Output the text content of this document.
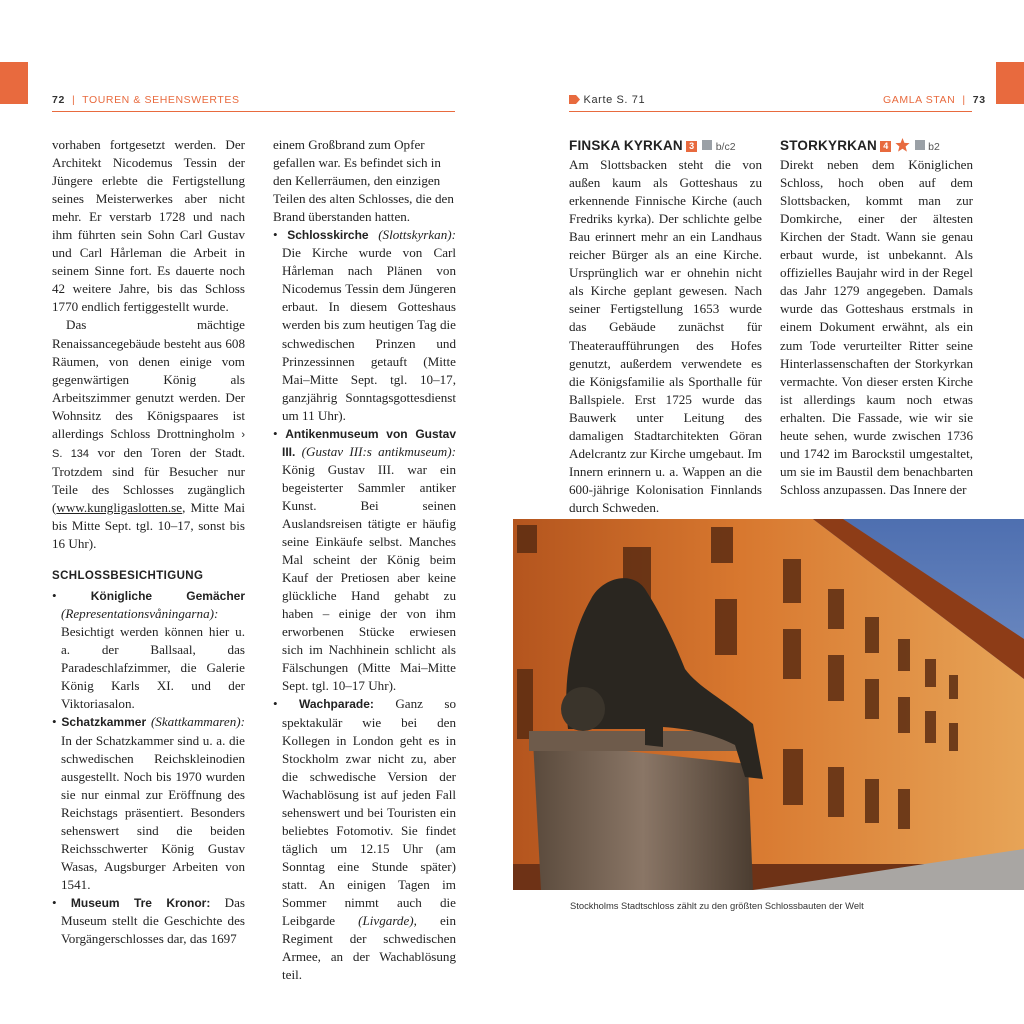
72  |  TOUREN & SEHENSWERTES	Karte S. 71	GAMLA STAN  |  73

vorhaben fortgesetzt werden. Der Architekt Nicodemus Tessin der Jüngere erlebte die Fertigstellung seines Meisterwerkes aber nicht mehr. Er verstarb 1728 und nach ihm führten sein Sohn Carl Gustav und Carl Hårleman die Arbeit in seinem Sinne fort. Es dauerte noch 42 weitere Jahre, bis das Schloss 1770 endlich fertiggestellt wurde.

Das mächtige Renaissancegebäude besteht aus 608 Räumen, von denen einige vom gegenwärtigen König als Arbeitszimmer genutzt werden. Der Wohnsitz des Königspaares ist allerdings Schloss Drottningholm › S. 134 vor den Toren der Stadt. Trotzdem sind für Besucher nur Teile des Schlosses zugänglich (www.kungligaslotten.se, Mitte Mai bis Mitte Sept. tgl. 10–17, sonst bis 16 Uhr).

SCHLOSSBESICHTIGUNG

• Königliche Gemächer (Representationsvåningarna): Besichtigt werden können hier u. a. der Ballsaal, das Paradeschlafzimmer, die Galerie König Karls XI. und der Viktoriasalon.

• Schatzkammer (Skattkammaren): In der Schatzkammer sind u. a. die schwedischen Reichskleinodien ausgestellt. Noch bis 1970 wurden sie nur einmal zur Eröffnung des Reichstags präsentiert. Besonders sehenswert sind die beiden Reichsschwerter König Gustav Wasas, Augsburger Arbeiten von 1541.

• Museum Tre Kronor: Das Museum stellt die Geschichte des Vorgängerschlosses dar, das 1697

einem Großbrand zum Opfer gefallen war. Es befindet sich in den Kellerräumen, den einzigen Teilen des alten Schlosses, die den Brand überstanden hatten.

• Schlosskirche (Slottskyrkan): Die Kirche wurde von Carl Hårleman nach Plänen von Nicodemus Tessin dem Jüngeren erbaut. In diesem Gotteshaus werden bis zum heutigen Tag die schwedischen Prinzen und Prinzessinnen getauft (Mitte Mai–Mitte Sept. tgl. 10–17, ganzjährig Sonntagsgottesdienst um 11 Uhr).

• Antikenmuseum von Gustav III. (Gustav III:s antikmuseum): König Gustav III. war ein begeisterter Sammler antiker Kunst. Bei seinen Auslandsreisen tätigte er häufig seine Einkäufe selbst. Manches Mal scheint der König beim Kauf der Pretiosen aber keine glückliche Hand gehabt zu haben – einige der von ihm erworbenen Stücke erwiesen sich im Nachhinein schlicht als Fälschungen (Mitte Mai–Mitte Sept. tgl. 10–17 Uhr).

• Wachparade: Ganz so spektakulär wie bei den Kollegen in London geht es in Stockholm zwar nicht zu, aber die schwedische Version der Wachablösung ist auf jeden Fall sehenswert und bei Touristen ein beliebtes Fotomotiv. Sie findet täglich um 12.15 Uhr (am Sonntag eine Stunde später) statt. An einigen Tagen im Sommer nimmt auch die Leibgarde (Livgarde), ein Regiment der schwedischen Armee, an der Wachablösung teil.

FINSKA KYRKAN 3 b/c2

Am Slottsbacken steht die von außen kaum als Gotteshaus zu erkennende Finnische Kirche (auch Fredriks kyrka). Der schlichte gelbe Bau erinnert mehr an ein Landhaus reicher Bürger als an eine Kirche. Ursprünglich war er ohnehin nicht als Kirche geplant gewesen. Nach seiner Fertigstellung 1653 wurde das Gebäude zunächst für Theateraufführungen des Hofes genutzt, außerdem verwendete es die Königsfamilie als Sporthalle für Ballspiele. Erst 1725 wurde das Bauwerk unter Leitung des damaligen Stadtarchitekten Göran Adelcrantz zur Kirche umgebaut. Im Innern erinnern u. a. Wappen an die 600-jährige Kolonisation Finnlands durch Schweden.

STORKYRKAN 4	b2

Direkt neben dem Königlichen Schloss, hoch oben auf dem Slottsbacken, kommt man zur Domkirche, einer der ältesten Kirchen der Stadt. Wann sie genau erbaut wurde, ist unbekannt. Als offizielles Baujahr wird in der Regel das Jahr 1279 angegeben. Damals wurde das Gotteshaus erstmals in einem Dokument erwähnt, als ein zum Tode verurteilter Ritter seine Hinterlassenschaften der Storkyrkan vermachte. Von dieser ersten Kirche ist allerdings kaum noch etwas erhalten. Die Fassade, wie wir sie heute sehen, wurde zwischen 1736 und 1742 im Barockstil umgestaltet, um sie im Baustil dem benachbarten Schloss anzupassen. Das Innere der

Stockholms Stadtschloss zählt zu den größten Schlossbauten der Welt
